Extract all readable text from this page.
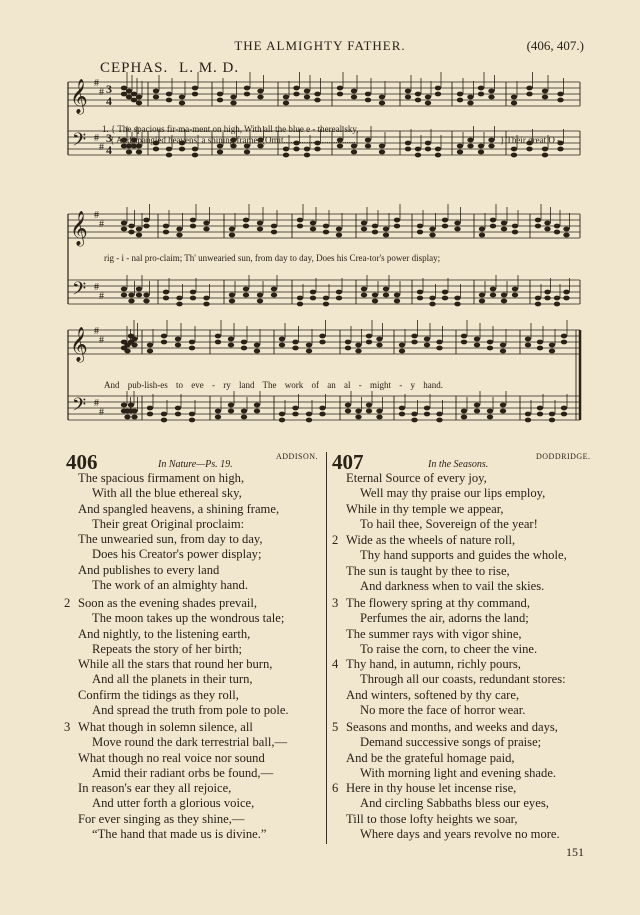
THE ALMIGHTY FATHER.	(406, 407.)
CEPHAS. L. M. D.
𝄞
𝄢
#
#
#
#
𝄞
𝄢
#
#
#
#
𝄞
𝄢
#
#
#
#
3
3
4
4
1. { The spacious fir-ma-ment on high, With all the blue e - thereal sky,
{ And spangled heavens, a shining frame, (Omit................................	} Their great O -
rig - i - nal pro-claim; Th' unwearied sun, from day to day, Does his Crea-tor's power display;
And pub-lish-es to eve - ry land The work of an al - might - y hand.
406	In Nature—Ps. 19.
ADDISON. 407	In the Seasons.
DODDRIDGE.
The spacious firmament on high,
With all the blue ethereal sky,
And spangled heavens, a shining frame,
Their great Original proclaim:
The unwearied sun, from day to day,
Does his Creator's power display;
And publishes to every land
The work of an almighty hand.
2 Soon as the evening shades prevail,
The moon takes up the wondrous tale;
And nightly, to the listening earth,
Repeats the story of her birth;
While all the stars that round her burn,
And all the planets in their turn,
Confirm the tidings as they roll,
And spread the truth from pole to pole.
3 What though in solemn silence, all
Move round the dark terrestrial ball,—
What though no real voice nor sound
Amid their radiant orbs be found,—
In reason's ear they all rejoice,
And utter forth a glorious voice,
For ever singing as they shine,—
“The hand that made us is divine.”
Eternal Source of every joy,
Well may thy praise our lips employ,
While in thy temple we appear,
To hail thee, Sovereign of the year!
2 Wide as the wheels of nature roll,
Thy hand supports and guides the whole,
The sun is taught by thee to rise,
And darkness when to vail the skies.
3 The flowery spring at thy command,
Perfumes the air, adorns the land;
The summer rays with vigor shine,
To raise the corn, to cheer the vine.
4 Thy hand, in autumn, richly pours,
Through all our coasts, redundant stores:
And winters, softened by thy care,
No more the face of horror wear.
5 Seasons and months, and weeks and days,
Demand successive songs of praise;
And be the grateful homage paid,
With morning light and evening shade.
6 Here in thy house let incense rise,
And circling Sabbaths bless our eyes,
Till to those lofty heights we soar,
Where days and years revolve no more.
151
